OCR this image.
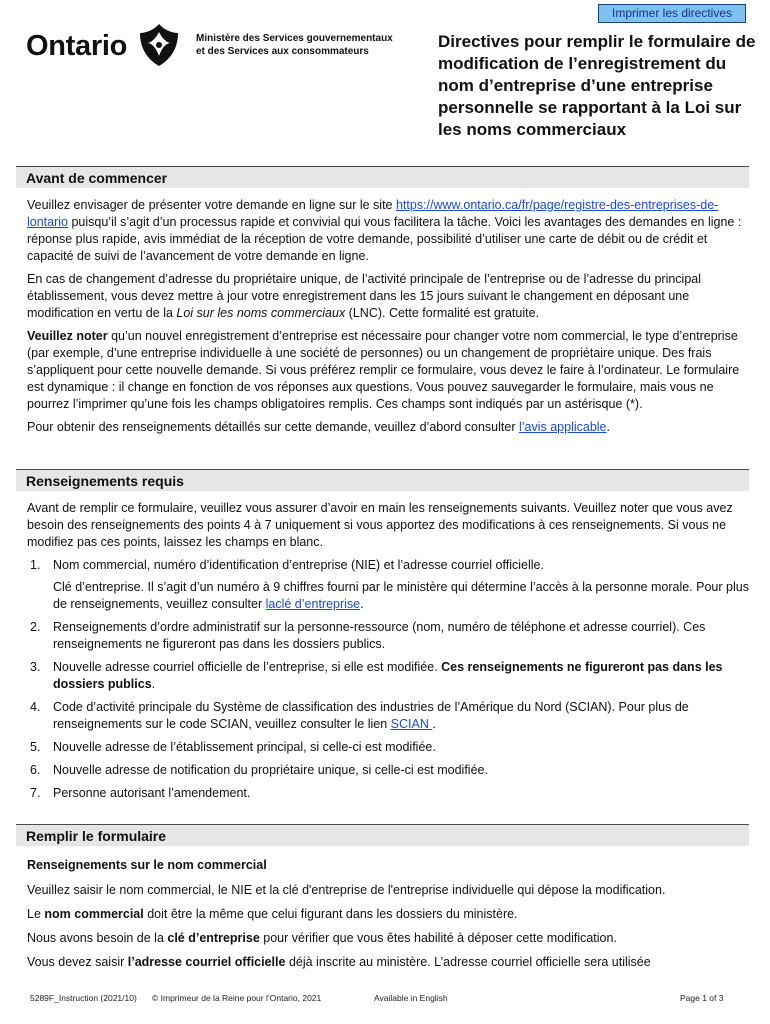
Imprimer les directives
Ontario	Ministère des Services gouvernementaux
et des Services aux consommateurs
Directives pour remplir le formulaire de modification de l’enregistrement du nom d’entreprise d’une entreprise personnelle se rapportant à la Loi sur les noms commerciaux
Avant de commencer

Veuillez envisager de présenter votre demande en ligne sur le site https://www.ontario.ca/fr/page/registre-des-entreprises-de-lontario puisqu’il s’agit d’un processus rapide et convivial qui vous facilitera la tâche. Voici les avantages des demandes en ligne : réponse plus rapide, avis immédiat de la réception de votre demande, possibilité d’utiliser une carte de débit ou de crédit et capacité de suivi de l’avancement de votre demande en ligne.

En cas de changement d’adresse du propriétaire unique, de l’activité principale de l’entreprise ou de l’adresse du principal établissement, vous devez mettre à jour votre enregistrement dans les 15 jours suivant le changement en déposant une modification en vertu de la Loi sur les noms commerciaux (LNC). Cette formalité est gratuite.

Veuillez noter qu’un nouvel enregistrement d’entreprise est nécessaire pour changer votre nom commercial, le type d’entreprise (par exemple, d’une entreprise individuelle à une société de personnes) ou un changement de propriétaire unique. Des frais s’appliquent pour cette nouvelle demande. Si vous préférez remplir ce formulaire, vous devez le faire à l’ordinateur. Le formulaire est dynamique : il change en fonction de vos réponses aux questions. Vous pouvez sauvegarder le formulaire, mais vous ne pourrez l’imprimer qu’une fois les champs obligatoires remplis. Ces champs sont indiqués par un astérisque (*).

Pour obtenir des renseignements détaillés sur cette demande, veuillez d’abord consulter l’avis applicable.

Renseignements requis

Avant de remplir ce formulaire, veuillez vous assurer d’avoir en main les renseignements suivants. Veuillez noter que vous avez besoin des renseignements des points 4 à 7 uniquement si vous apportez des modifications à ces renseignements. Si vous ne modifiez pas ces points, laissez les champs en blanc.

1. Nom commercial, numéro d’identification d’entreprise (NIE) et l’adresse courriel officielle.
Clé d’entreprise. Il s’agit d’un numéro à 9 chiffres fourni par le ministère qui détermine l’accès à la personne morale. Pour plus de renseignements, veuillez consulter laclé d’entreprise.
2. Renseignements d’ordre administratif sur la personne-ressource (nom, numéro de téléphone et adresse courriel). Ces renseignements ne figureront pas dans les dossiers publics.
3. Nouvelle adresse courriel officielle de l’entreprise, si elle est modifiée. Ces renseignements ne figureront pas dans les dossiers publics.
4. Code d’activité principale du Système de classification des industries de l’Amérique du Nord (SCIAN). Pour plus de renseignements sur le code SCIAN, veuillez consulter le lien SCIAN .
5. Nouvelle adresse de l’établissement principal, si celle-ci est modifiée.
6. Nouvelle adresse de notification du propriétaire unique, si celle-ci est modifiée.
7. Personne autorisant l’amendement.
Remplir le formulaire

Renseignements sur le nom commercial

Veuillez saisir le nom commercial, le NIE et la clé d'entreprise de l'entreprise individuelle qui dépose la modification.

Le nom commercial doit être la même que celui figurant dans les dossiers du ministère.

Nous avons besoin de la clé d’entreprise pour vérifier que vous êtes habilité à déposer cette modification.

Vous devez saisir l’adresse courriel officielle déjà inscrite au ministère. L’adresse courriel officielle sera utilisée

5289F_Instruction (2021/10) © Imprimeur de la Reine pour l’Ontario, 2021	Available in English	Page 1 of 3
